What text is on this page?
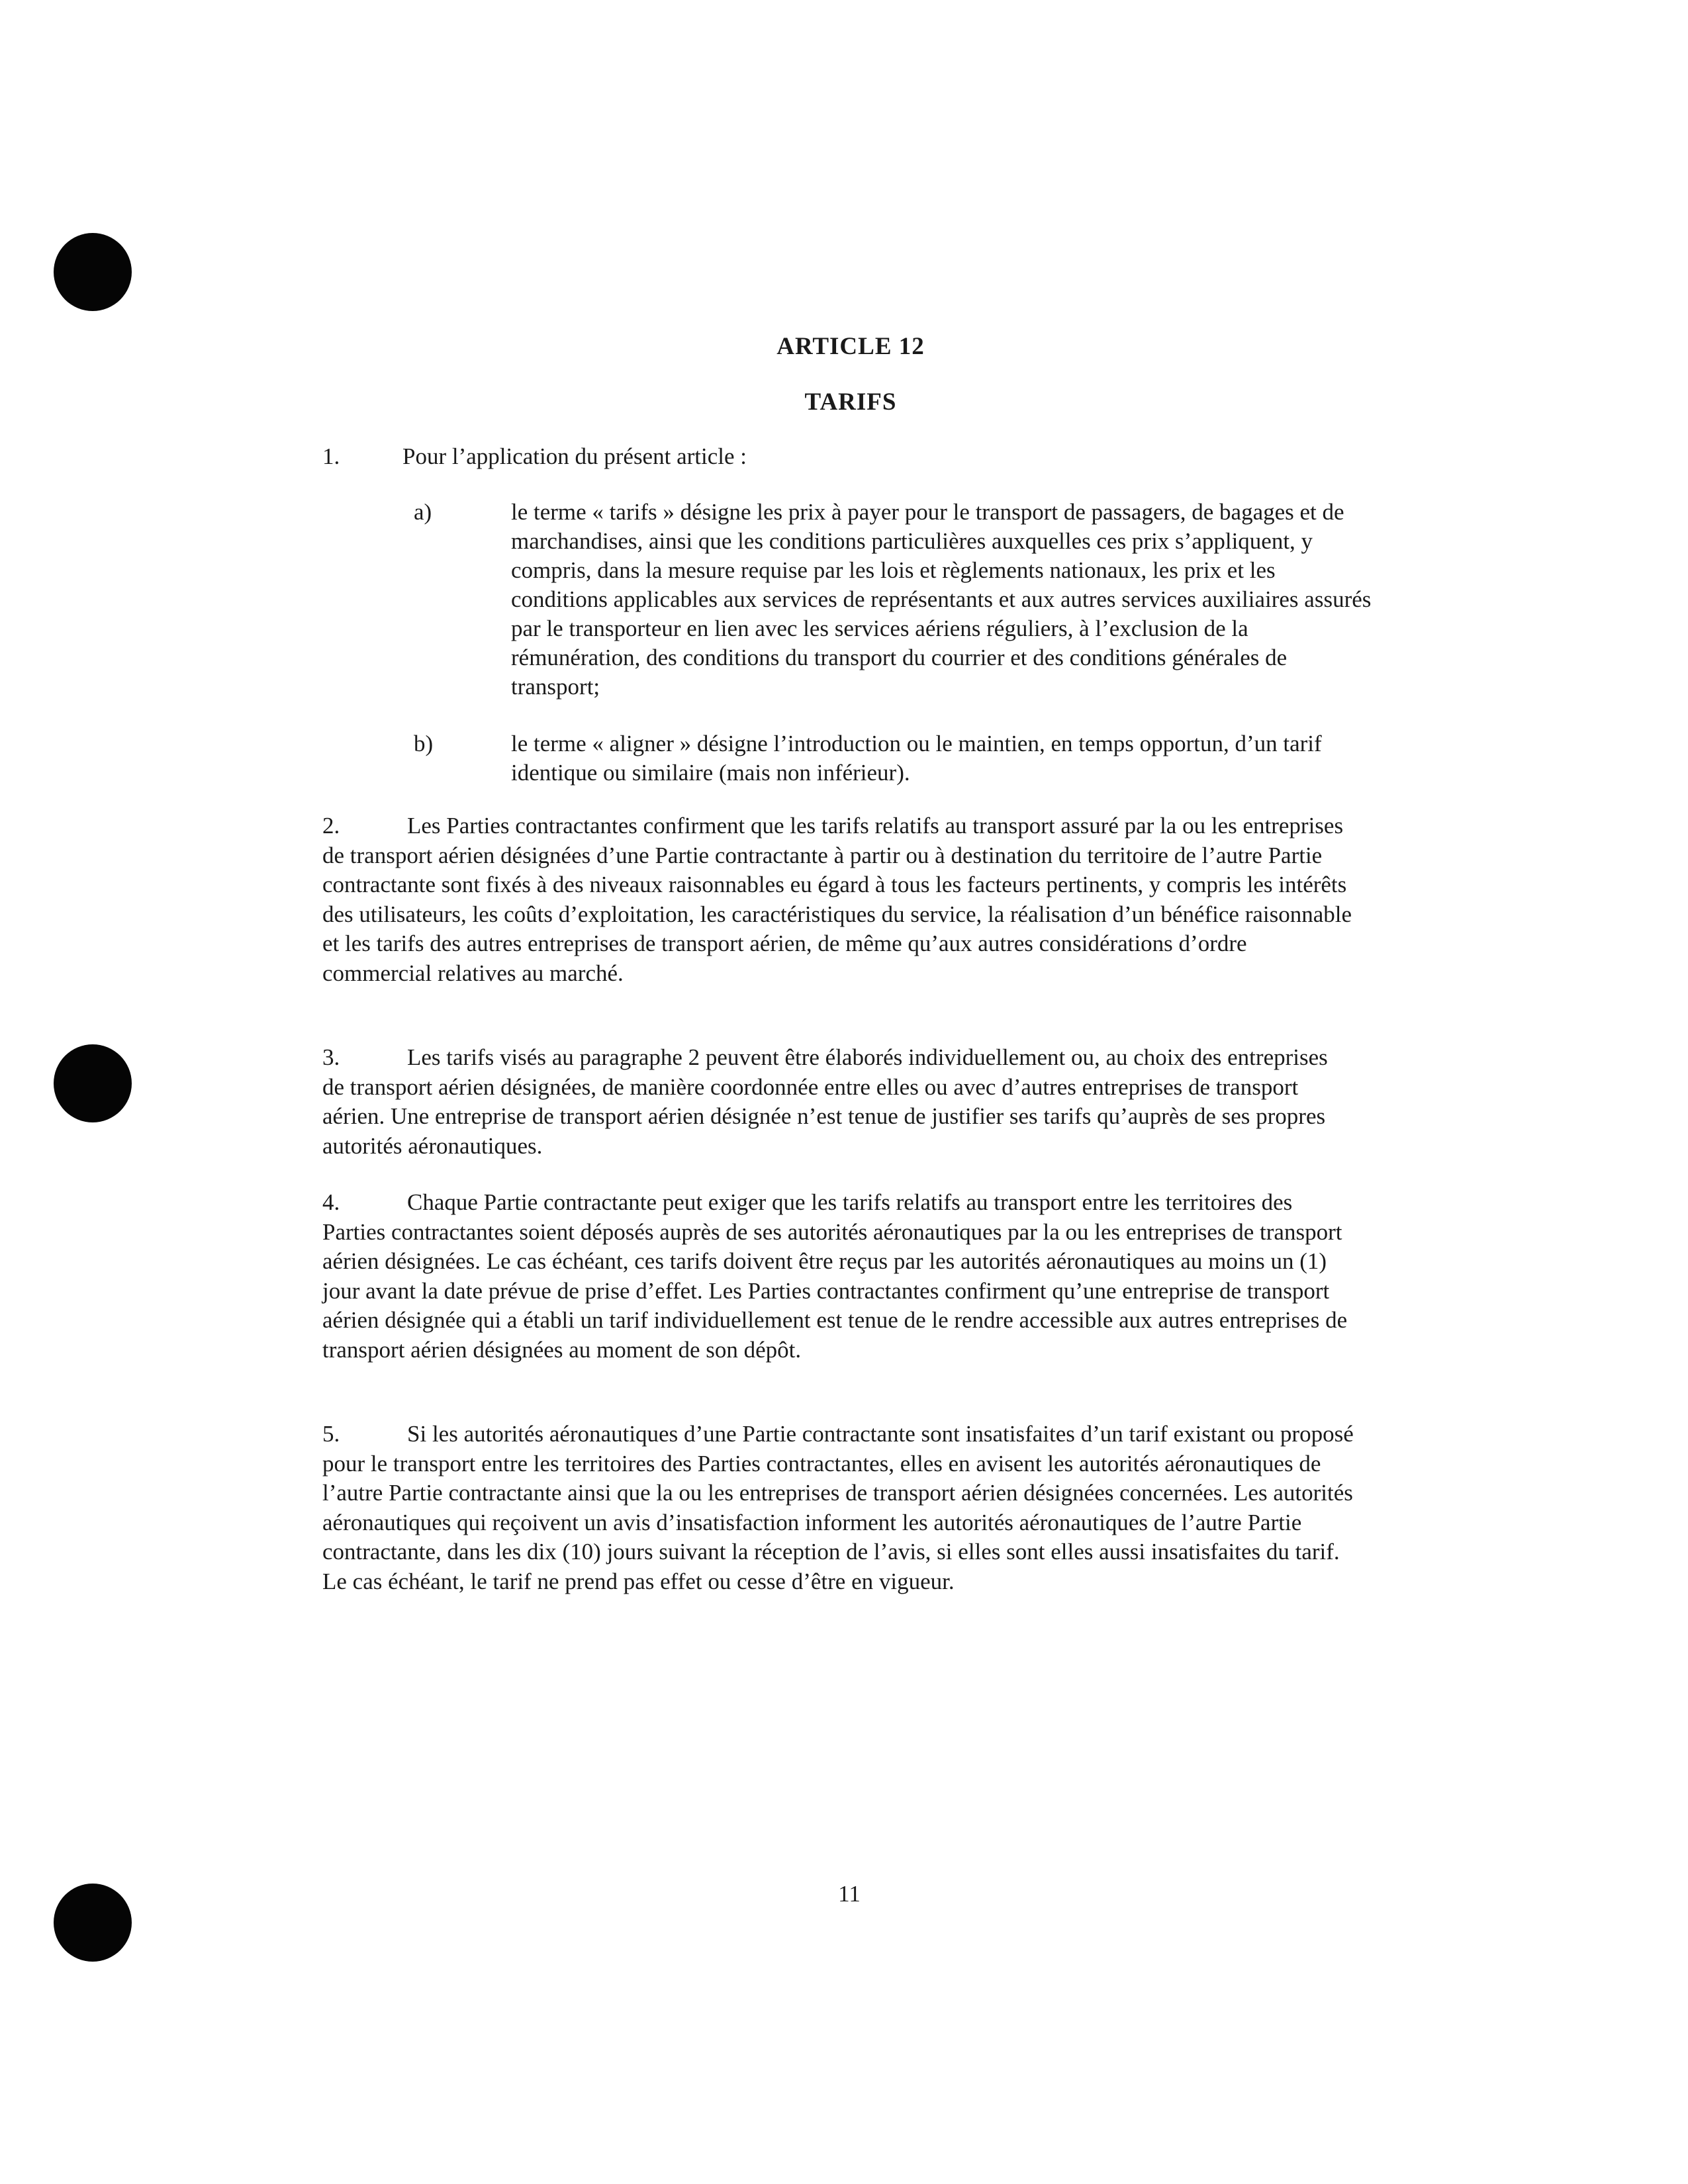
ARTICLE 12
TARIFS
1.	Pour l’application du présent article :
a)	le terme « tarifs » désigne les prix à payer pour le transport de passagers, de bagages et de marchandises, ainsi que les conditions particulières auxquelles ces prix s’appliquent, y compris, dans la mesure requise par les lois et règlements nationaux, les prix et les conditions applicables aux services de représentants et aux autres services auxiliaires assurés par le transporteur en lien avec les services aériens réguliers, à l’exclusion de la rémunération, des conditions du transport du courrier et des conditions générales de transport;
b)	le terme « aligner » désigne l’introduction ou le maintien, en temps opportun, d’un tarif identique ou similaire (mais non inférieur).
2.	Les Parties contractantes confirment que les tarifs relatifs au transport assuré par la ou les entreprises de transport aérien désignées d’une Partie contractante à partir ou à destination du territoire de l’autre Partie contractante sont fixés à des niveaux raisonnables eu égard à tous les facteurs pertinents, y compris les intérêts des utilisateurs, les coûts d’exploitation, les caractéristiques du service, la réalisation d’un bénéfice raisonnable et les tarifs des autres entreprises de transport aérien, de même qu’aux autres considérations d’ordre commercial relatives au marché.
3.	Les tarifs visés au paragraphe 2 peuvent être élaborés individuellement ou, au choix des entreprises de transport aérien désignées, de manière coordonnée entre elles ou avec d’autres entreprises de transport aérien. Une entreprise de transport aérien désignée n’est tenue de justifier ses tarifs qu’auprès de ses propres autorités aéronautiques.
4.	Chaque Partie contractante peut exiger que les tarifs relatifs au transport entre les territoires des Parties contractantes soient déposés auprès de ses autorités aéronautiques par la ou les entreprises de transport aérien désignées. Le cas échéant, ces tarifs doivent être reçus par les autorités aéronautiques au moins un (1) jour avant la date prévue de prise d’effet. Les Parties contractantes confirment qu’une entreprise de transport aérien désignée qui a établi un tarif individuellement est tenue de le rendre accessible aux autres entreprises de transport aérien désignées au moment de son dépôt.
5.	Si les autorités aéronautiques d’une Partie contractante sont insatisfaites d’un tarif existant ou proposé pour le transport entre les territoires des Parties contractantes, elles en avisent les autorités aéronautiques de l’autre Partie contractante ainsi que la ou les entreprises de transport aérien désignées concernées. Les autorités aéronautiques qui reçoivent un avis d’insatisfaction informent les autorités aéronautiques de l’autre Partie contractante, dans les dix (10) jours suivant la réception de l’avis, si elles sont elles aussi insatisfaites du tarif. Le cas échéant, le tarif ne prend pas effet ou cesse d’être en vigueur.
11
